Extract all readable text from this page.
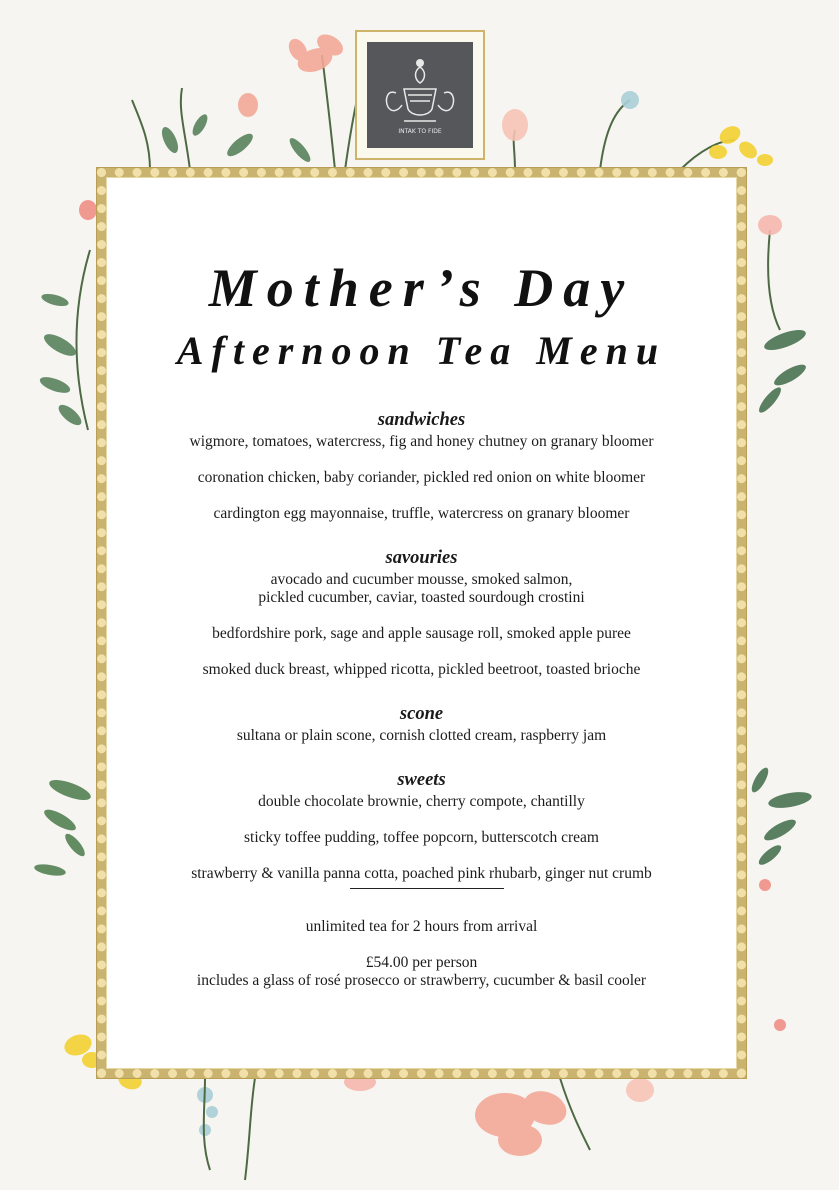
INTAK TO FIDE
Mother’s Day
Afternoon Tea Menu
sandwiches
wigmore, tomatoes, watercress, fig and honey chutney on granary bloomer
coronation chicken, baby coriander, pickled red onion on white bloomer
cardington egg mayonnaise, truffle, watercress on granary bloomer
savouries
avocado and cucumber mousse, smoked salmon,
pickled cucumber, caviar, toasted sourdough crostini
bedfordshire pork, sage and apple sausage roll, smoked apple puree
smoked duck breast, whipped ricotta, pickled beetroot, toasted brioche
scone
sultana or plain scone, cornish clotted cream, raspberry jam
sweets
double chocolate brownie, cherry compote, chantilly
sticky toffee pudding, toffee popcorn, butterscotch cream
strawberry & vanilla panna cotta, poached pink rhubarb, ginger nut crumb
unlimited tea for 2 hours from arrival
£54.00 per person
includes a glass of rosé prosecco or strawberry, cucumber & basil cooler
